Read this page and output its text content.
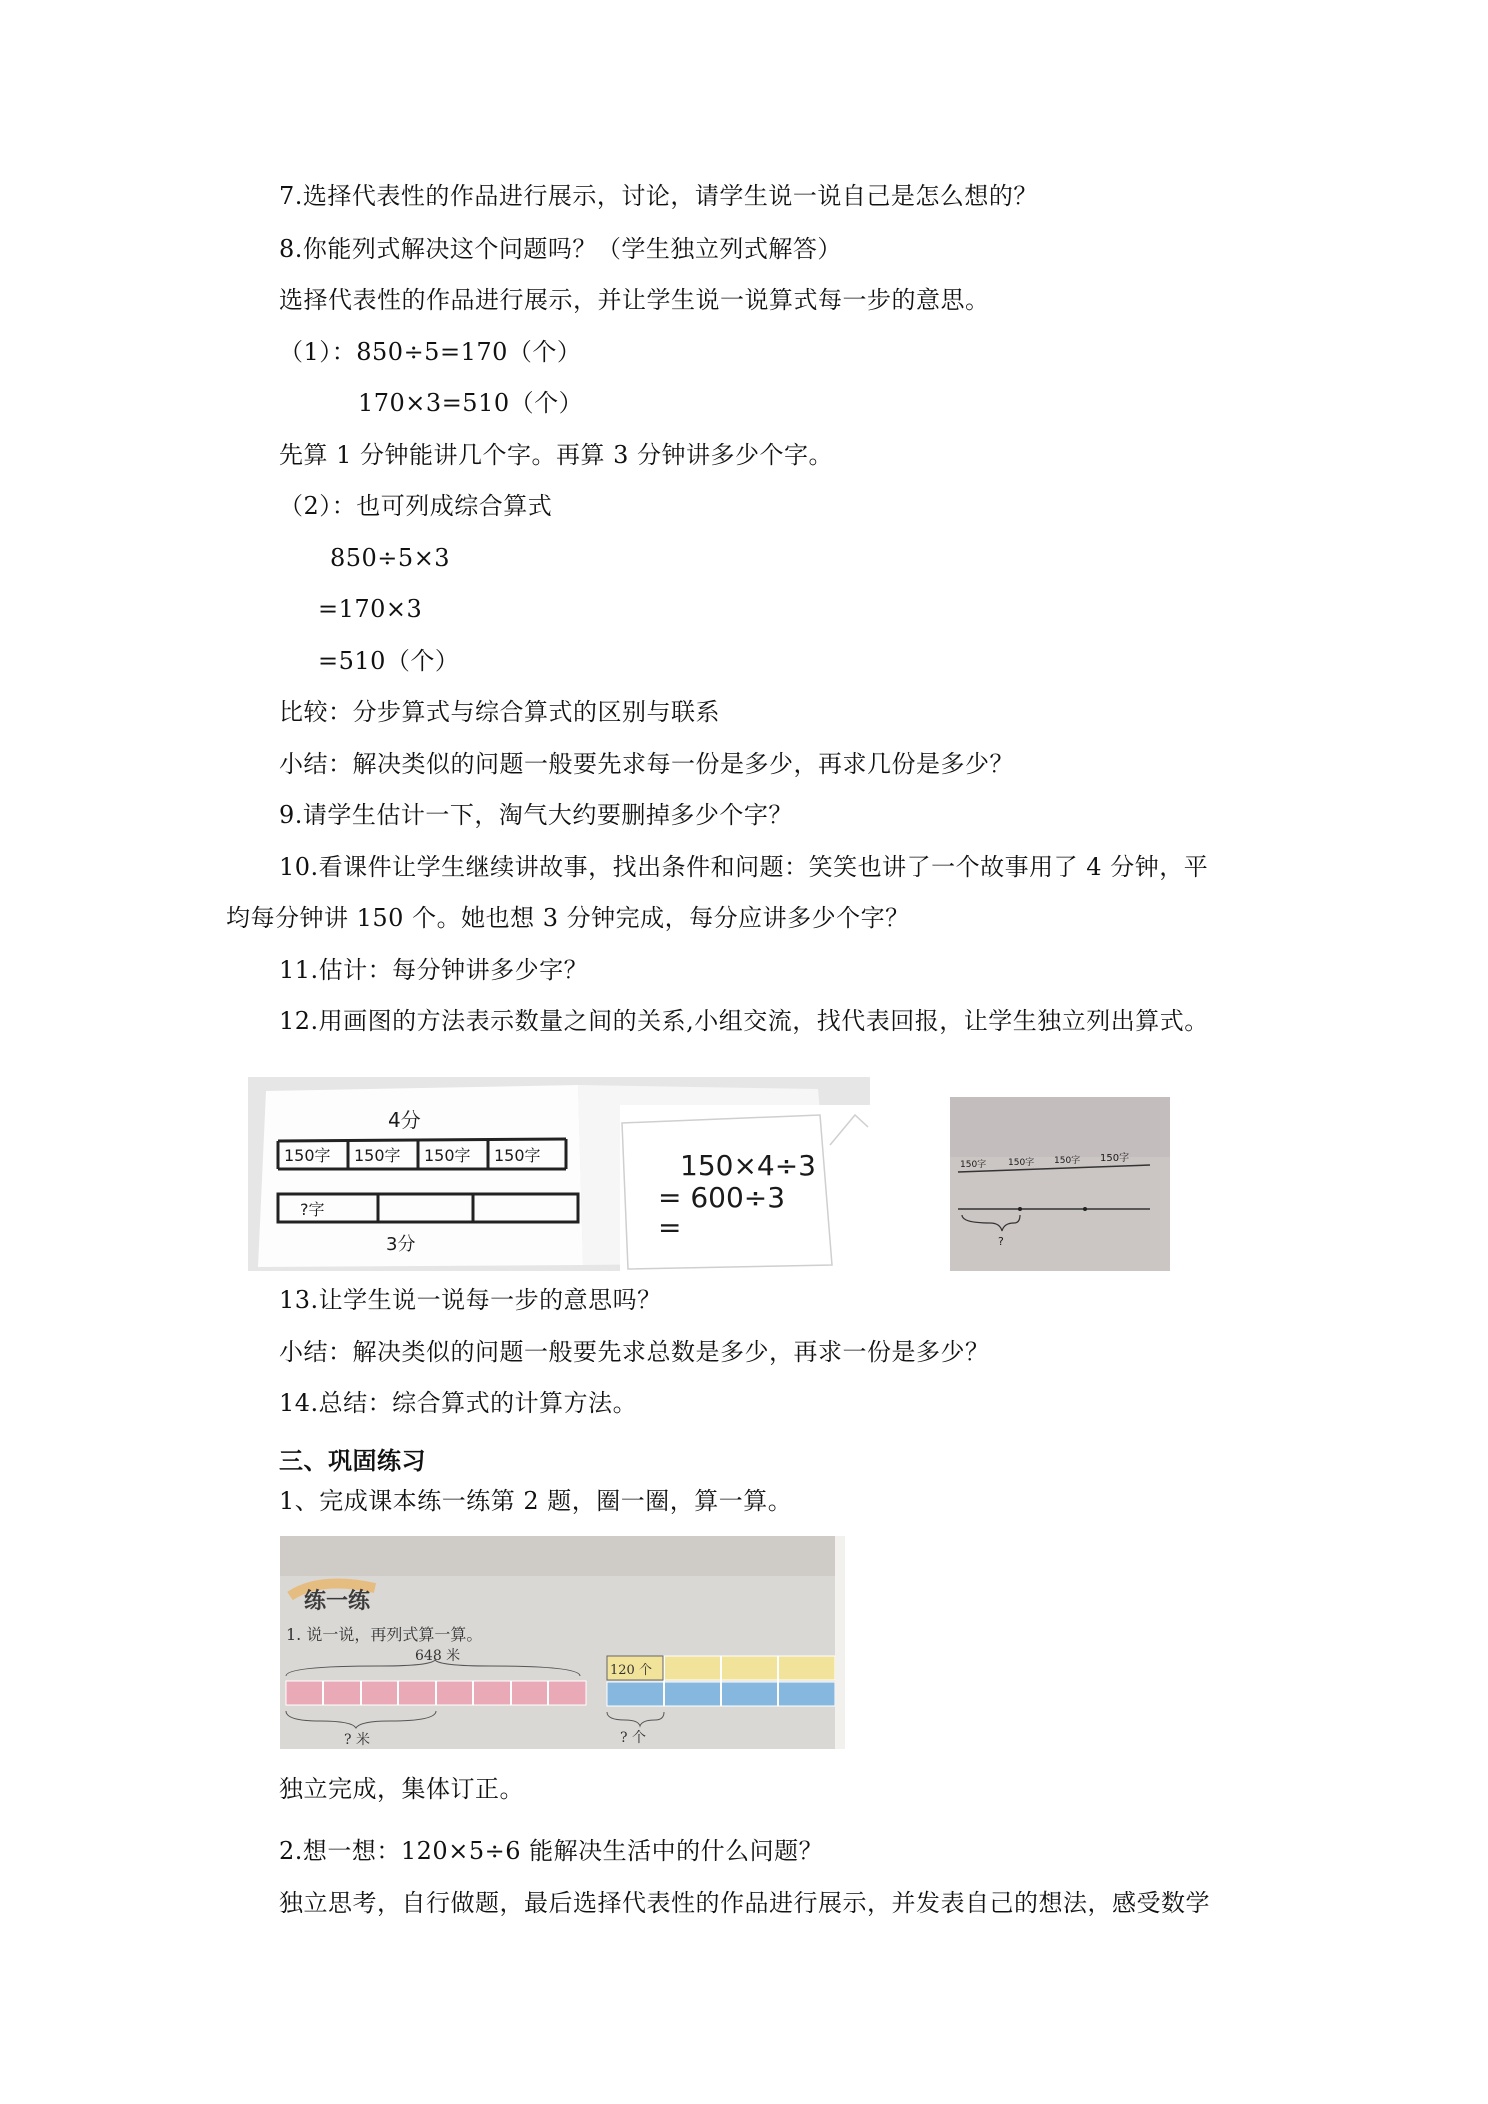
7.选择代表性的作品进行展示，讨论，请学生说一说自己是怎么想的？
8.你能列式解决这个问题吗？（学生独立列式解答）
选择代表性的作品进行展示，并让学生说一说算式每一步的意思。
（1）：850÷5=170（个）
170×3=510（个）
先算 1 分钟能讲几个字。再算 3 分钟讲多少个字。
（2）：也可列成综合算式
850÷5×3
=170×3
=510（个）
比较：分步算式与综合算式的区别与联系
小结：解决类似的问题一般要先求每一份是多少，再求几份是多少？
9.请学生估计一下，淘气大约要删掉多少个字？
10.看课件让学生继续讲故事，找出条件和问题：笑笑也讲了一个故事用了 4 分钟，平
均每分钟讲 150 个。她也想 3 分钟完成，每分应讲多少个字？
11.估计：每分钟讲多少字？
12.用画图的方法表示数量之间的关系,小组交流，找代表回报，让学生独立列出算式。
4分
150字 150字 150字 150字
?字
3分
150×4÷3
= 600÷3
=
150字 150字 150字 150字
?
13.让学生说一说每一步的意思吗？
小结：解决类似的问题一般要先求总数是多少，再求一份是多少？
14.总结：综合算式的计算方法。
三、巩固练习
1、完成课本练一练第 2 题，圈一圈，算一算。
练一练
1. 说一说，再列式算一算。
648 米
? 米
120 个
? 个
独立完成，集体订正。
2.想一想：120×5÷6 能解决生活中的什么问题？
独立思考，自行做题，最后选择代表性的作品进行展示，并发表自己的想法，感受数学
